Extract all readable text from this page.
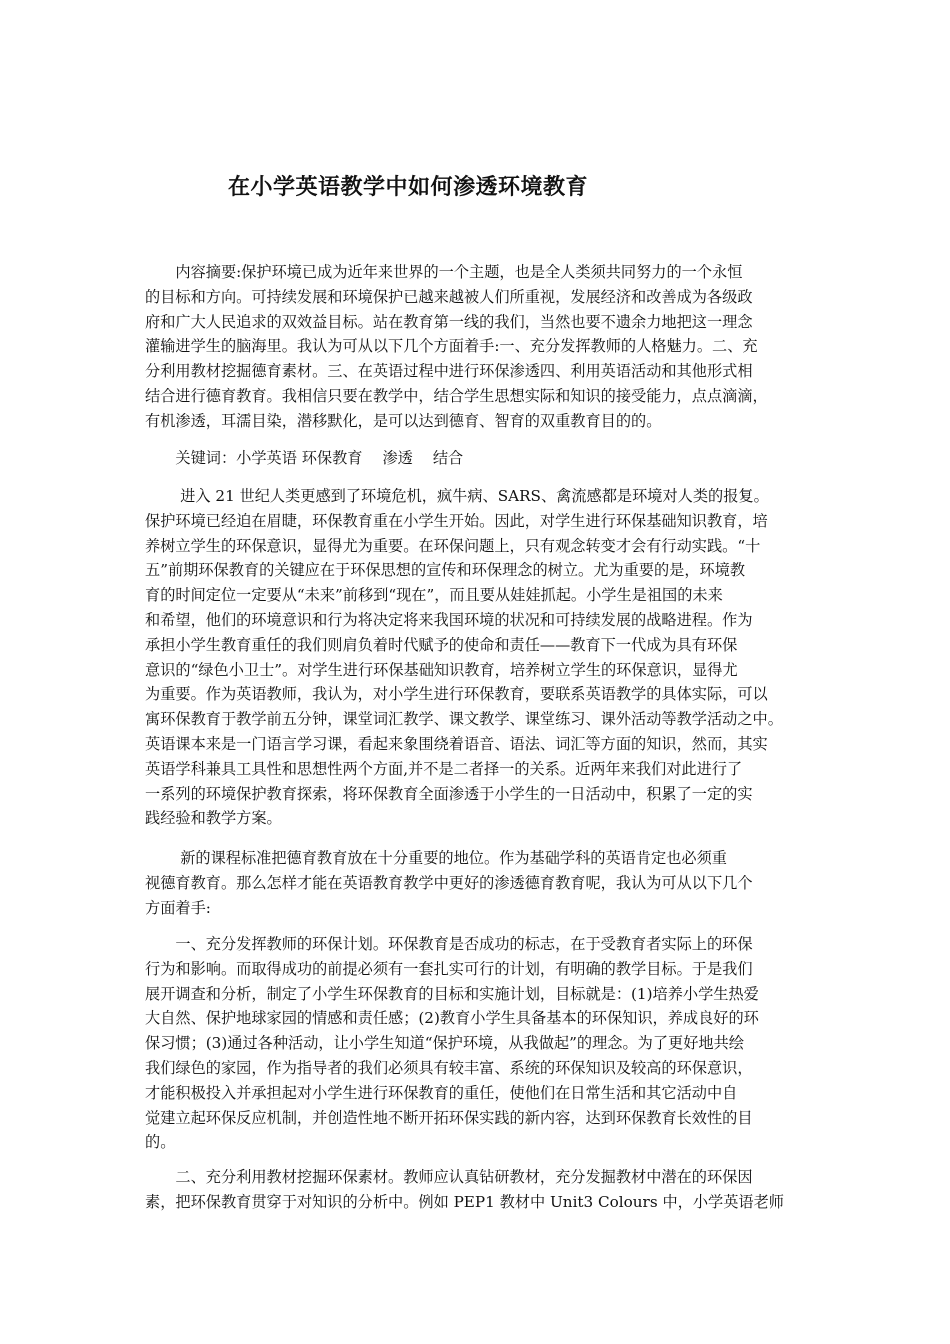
在小学英语教学中如何渗透环境教育
　　内容摘要:保护环境已成为近年来世界的一个主题，也是全人类须共同努力的一个永恒
的目标和方向。可持续发展和环境保护已越来越被人们所重视，发展经济和改善成为各级政
府和广大人民追求的双效益目标。站在教育第一线的我们，当然也要不遗余力地把这一理念
灌输进学生的脑海里。我认为可从以下几个方面着手:一、充分发挥教师的人格魅力。二、充
分利用教材挖掘德育素材。三、在英语过程中进行环保渗透四、利用英语活动和其他形式相
结合进行德育教育。我相信只要在教学中，结合学生思想实际和知识的接受能力，点点滴滴，
有机渗透，耳濡目染，潜移默化，是可以达到德育、智育的双重教育目的的。
　　关键词：小学英语 环保教育　 渗透　 结合
　　 进入 21 世纪人类更感到了环境危机，疯牛病、SARS、禽流感都是环境对人类的报复。
保护环境已经迫在眉睫，环保教育重在小学生开始。因此，对学生进行环保基础知识教育，培
养树立学生的环保意识，显得尤为重要。在环保问题上，只有观念转变才会有行动实践。“十
五”前期环保教育的关键应在于环保思想的宣传和环保理念的树立。尤为重要的是，环境教
育的时间定位一定要从“未来”前移到“现在”，而且要从娃娃抓起。小学生是祖国的未来
和希望，他们的环境意识和行为将决定将来我国环境的状况和可持续发展的战略进程。作为
承担小学生教育重任的我们则肩负着时代赋予的使命和责任——教育下一代成为具有环保
意识的“绿色小卫士”。对学生进行环保基础知识教育，培养树立学生的环保意识，显得尤
为重要。作为英语教师，我认为，对小学生进行环保教育，要联系英语教学的具体实际，可以
寓环保教育于教学前五分钟，课堂词汇教学、课文教学、课堂练习、课外活动等教学活动之中。
英语课本来是一门语言学习课，看起来象围绕着语音、语法、词汇等方面的知识，然而，其实
英语学科兼具工具性和思想性两个方面,并不是二者择一的关系。近两年来我们对此进行了
一系列的环境保护教育探索，将环保教育全面渗透于小学生的一日活动中，积累了一定的实
践经验和教学方案。
　　 新的课程标准把德育教育放在十分重要的地位。作为基础学科的英语肯定也必须重
视德育教育。那么怎样才能在英语教育教学中更好的渗透德育教育呢，我认为可从以下几个
方面着手:
　　一、充分发挥教师的环保计划。环保教育是否成功的标志，在于受教育者实际上的环保
行为和影响。而取得成功的前提必须有一套扎实可行的计划，有明确的教学目标。于是我们
展开调查和分析，制定了小学生环保教育的目标和实施计划，目标就是：(1)培养小学生热爱
大自然、保护地球家园的情感和责任感；(2)教育小学生具备基本的环保知识，养成良好的环
保习惯；(3)通过各种活动，让小学生知道“保护环境，从我做起”的理念。为了更好地共绘
我们绿色的家园，作为指导者的我们必须具有较丰富、系统的环保知识及较高的环保意识，
才能积极投入并承担起对小学生进行环保教育的重任，使他们在日常生活和其它活动中自
觉建立起环保反应机制，并创造性地不断开拓环保实践的新内容，达到环保教育长效性的目
的。
　　二、充分利用教材挖掘环保素材。教师应认真钻研教材，充分发掘教材中潜在的环保因
素，把环保教育贯穿于对知识的分析中。例如 PEP1 教材中 Unit3 Colours 中，小学英语老师
